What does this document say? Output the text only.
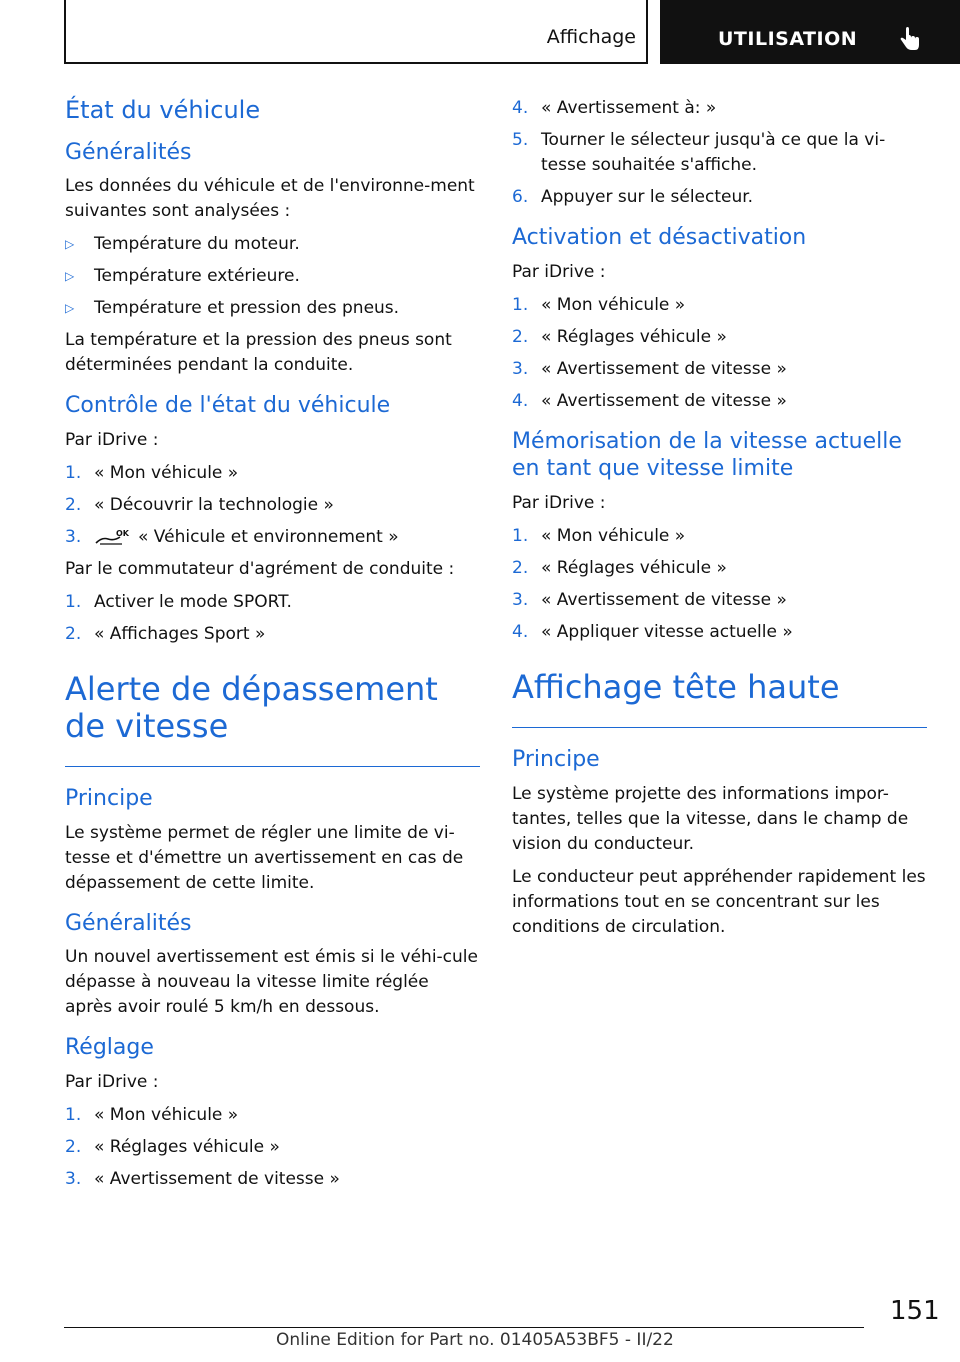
Affichage	UTILISATION
État du véhicule
Généralités

Les données du véhicule et de l'environne-ment suivantes sont analysées :

▷ Température du moteur.
▷ Température extérieure.
▷ Température et pression des pneus.

La température et la pression des pneus sont déterminées pendant la conduite.

Contrôle de l'état du véhicule

Par iDrive :

1. « Mon véhicule »
2. « Découvrir la technologie »
3.	OK « Véhicule et environnement »

Par le commutateur d'agrément de conduite :

1. Activer le mode SPORT.
2. « Affichages Sport »
Alerte de dépassement de vitesse
Principe

Le système permet de régler une limite de vi-tesse et d'émettre un avertissement en cas de dépassement de cette limite.

Généralités

Un nouvel avertissement est émis si le véhi-cule dépasse à nouveau la vitesse limite réglée après avoir roulé 5 km/h en dessous.

Réglage

Par iDrive :

1. « Mon véhicule »
2. « Réglages véhicule »
3. « Avertissement de vitesse »
4. « Avertissement à: »
5. Tourner le sélecteur jusqu'à ce que la vi-tesse souhaitée s'affiche.
6. Appuyer sur le sélecteur.
Activation et désactivation

Par iDrive :

1. « Mon véhicule »
2. « Réglages véhicule »
3. « Avertissement de vitesse »
4. « Avertissement de vitesse »
Mémorisation de la vitesse actuelle en tant que vitesse limite

Par iDrive :

1. « Mon véhicule »
2. « Réglages véhicule »
3. « Avertissement de vitesse »
4. « Appliquer vitesse actuelle »
Affichage tête haute
Principe

Le système projette des informations impor-tantes, telles que la vitesse, dans le champ de vision du conducteur.

Le conducteur peut appréhender rapidement les informations tout en se concentrant sur les conditions de circulation.

151
Online Edition for Part no. 01405A53BF5 - II/22
